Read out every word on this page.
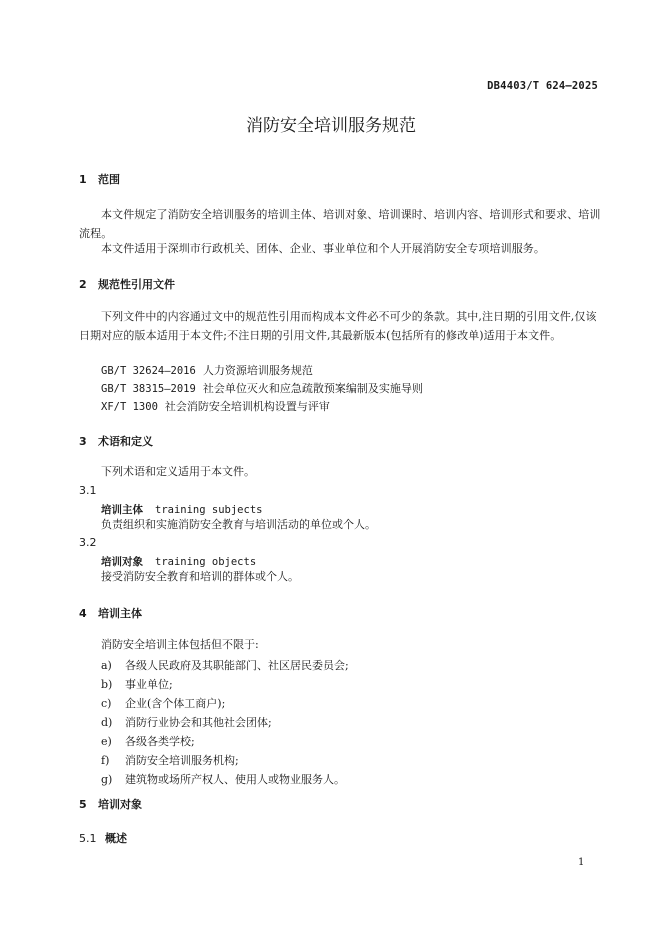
DB4403/T 624—2025
消防安全培训服务规范
1 范围
本文件规定了消防安全培训服务的培训主体、培训对象、培训课时、培训内容、培训形式和要求、培训流程。
本文件适用于深圳市行政机关、团体、企业、事业单位和个人开展消防安全专项培训服务。
2 规范性引用文件
下列文件中的内容通过文中的规范性引用而构成本文件必不可少的条款。其中,注日期的引用文件,仅该日期对应的版本适用于本文件;不注日期的引用文件,其最新版本(包括所有的修改单)适用于本文件。
GB/T 32624—2016 人力资源培训服务规范
GB/T 38315—2019 社会单位灭火和应急疏散预案编制及实施导则
XF/T 1300 社会消防安全培训机构设置与评审
3 术语和定义
下列术语和定义适用于本文件。
3.1
培训主体 training subjects
负责组织和实施消防安全教育与培训活动的单位或个人。
3.2
培训对象 training objects
接受消防安全教育和培训的群体或个人。
4 培训主体
消防安全培训主体包括但不限于:
a) 各级人民政府及其职能部门、社区居民委员会;
b) 事业单位;
c) 企业(含个体工商户);
d) 消防行业协会和其他社会团体;
e) 各级各类学校;
f) 消防安全培训服务机构;
g) 建筑物或场所产权人、使用人或物业服务人。
5 培训对象
5.1 概述
1
